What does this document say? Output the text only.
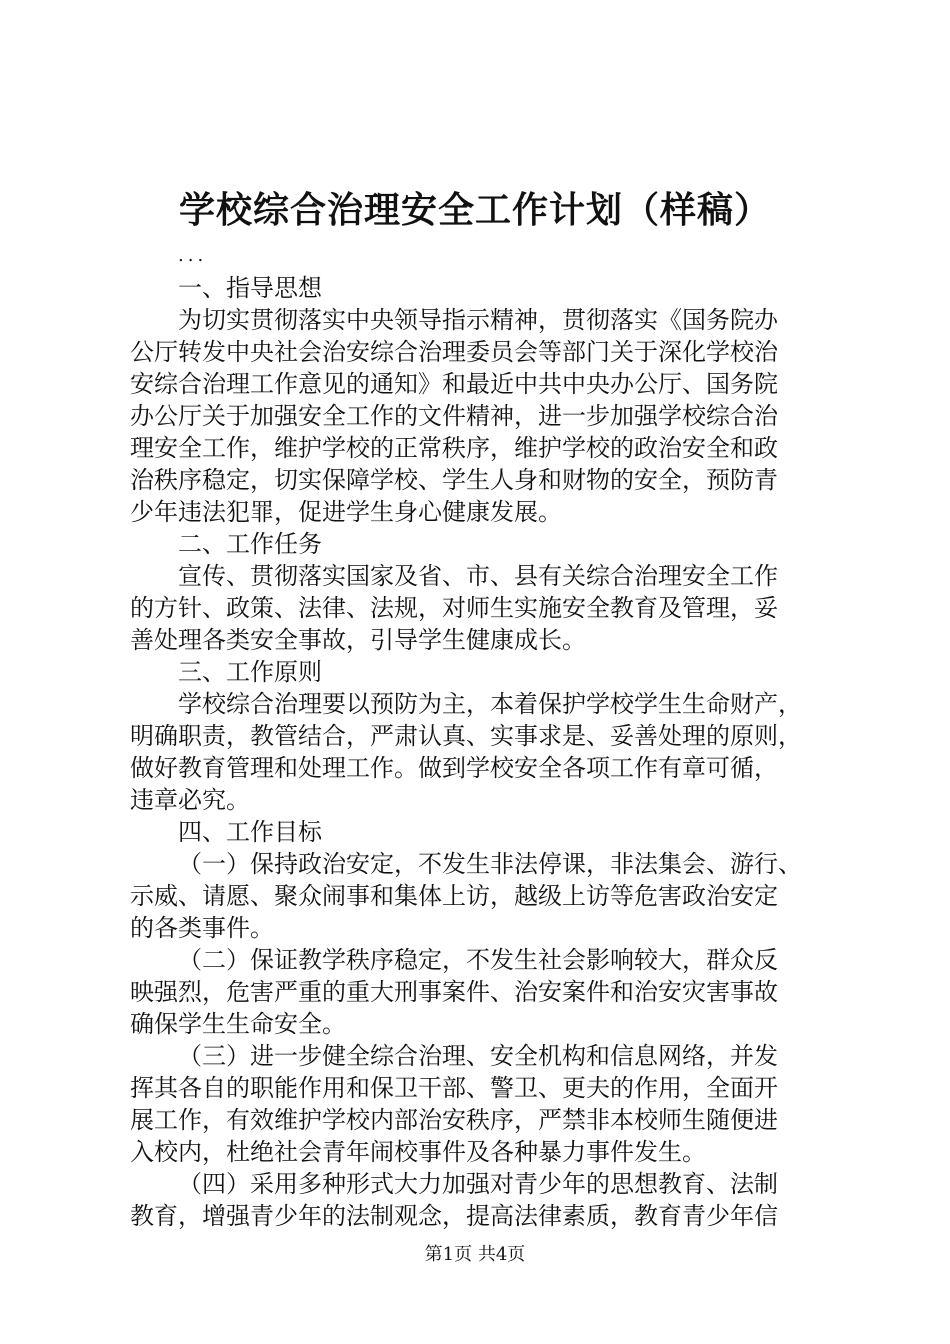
学校综合治理安全工作计划（样稿）
...
一、指导思想
为切实贯彻落实中央领导指示精神，贯彻落实《国务院办
公厅转发中央社会治安综合治理委员会等部门关于深化学校治
安综合治理工作意见的通知》和最近中共中央办公厅、国务院
办公厅关于加强安全工作的文件精神，进一步加强学校综合治
理安全工作，维护学校的正常秩序，维护学校的政治安全和政
治秩序稳定，切实保障学校、学生人身和财物的安全，预防青
少年违法犯罪，促进学生身心健康发展。
二、工作任务
宣传、贯彻落实国家及省、市、县有关综合治理安全工作
的方针、政策、法律、法规，对师生实施安全教育及管理，妥
善处理各类安全事故，引导学生健康成长。
三、工作原则
学校综合治理要以预防为主，本着保护学校学生生命财产，
明确职责，教管结合，严肃认真、实事求是、妥善处理的原则，
做好教育管理和处理工作。做到学校安全各项工作有章可循，
违章必究。
四、工作目标
（一）保持政治安定，不发生非法停课，非法集会、游行、
示威、请愿、聚众闹事和集体上访，越级上访等危害政治安定
的各类事件。
（二）保证教学秩序稳定，不发生社会影响较大，群众反
映强烈，危害严重的重大刑事案件、治安案件和治安灾害事故
确保学生生命安全。
（三）进一步健全综合治理、安全机构和信息网络，并发
挥其各自的职能作用和保卫干部、警卫、更夫的作用，全面开
展工作，有效维护学校内部治安秩序，严禁非本校师生随便进
入校内，杜绝社会青年闹校事件及各种暴力事件发生。
（四）采用多种形式大力加强对青少年的思想教育、法制
教育，增强青少年的法制观念，提高法律素质，教育青少年信
第1页 共4页
